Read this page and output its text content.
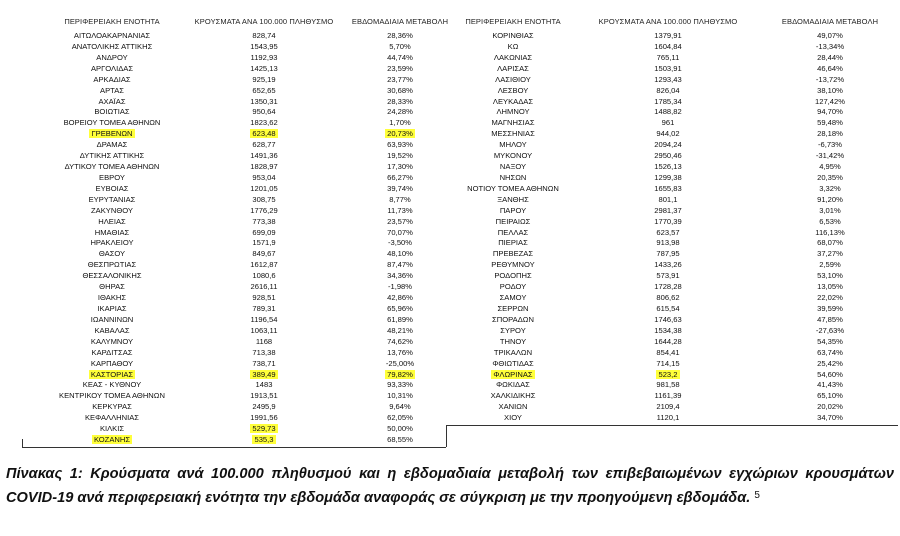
ΠΕΡΙΦΕΡΕΙΑΚΗ ΕΝΟΤΗΤΑ	ΚΡΟΥΣΜΑΤΑ ΑΝΑ 100.000 ΠΛΗΘΥΣΜΟ	ΕΒΔΟΜΑΔΙΑΙΑ ΜΕΤΑΒΟΛΗ	ΠΕΡΙΦΕΡΕΙΑΚΗ ΕΝΟΤΗΤΑ	ΚΡΟΥΣΜΑΤΑ ΑΝΑ 100.000 ΠΛΗΘΥΣΜΟ	ΕΒΔΟΜΑΔΙΑΙΑ ΜΕΤΑΒΟΛΗ
ΑΙΤΩΛΟΑΚΑΡΝΑΝΙΑΣ	828,74	28,36%
ΑΝΑΤΟΛΙΚΗΣ ΑΤΤΙΚΗΣ	1543,95	5,70%
ΑΝΔΡΟΥ	1192,93	44,74%
ΑΡΓΟΛΙΔΑΣ	1425,13	23,59%
ΑΡΚΑΔΙΑΣ	925,19	23,77%
ΑΡΤΑΣ	652,65	30,68%
ΑΧΑΪΑΣ	1350,31	28,33%
ΒΟΙΩΤΙΑΣ	950,64	24,28%
ΒΟΡΕΙΟΥ ΤΟΜΕΑ ΑΘΗΝΩΝ	1823,62	1,70%
ΓΡΕΒΕΝΩΝ	623,48	20,73%
ΔΡΑΜΑΣ	628,77	63,93%
ΔΥΤΙΚΗΣ ΑΤΤΙΚΗΣ	1491,36	19,52%
ΔΥΤΙΚΟΥ ΤΟΜΕΑ ΑΘΗΝΩΝ	1828,97	17,30%
ΕΒΡΟΥ	953,04	66,27%
ΕΥΒΟΙΑΣ	1201,05	39,74%
ΕΥΡΥΤΑΝΙΑΣ	308,75	8,77%
ΖΑΚΥΝΘΟΥ	1776,29	11,73%
ΗΛΕΙΑΣ	773,38	23,57%
ΗΜΑΘΙΑΣ	699,09	70,07%
ΗΡΑΚΛΕΙΟΥ	1571,9	-3,50%
ΘΑΣΟΥ	849,67	48,10%
ΘΕΣΠΡΩΤΙΑΣ	1612,87	87,47%
ΘΕΣΣΑΛΟΝΙΚΗΣ	1080,6	34,36%
ΘΗΡΑΣ	2616,11	-1,98%
ΙΘΑΚΗΣ	928,51	42,86%
ΙΚΑΡΙΑΣ	789,31	65,96%
ΙΩΑΝΝΙΝΩΝ	1196,54	61,89%
ΚΑΒΑΛΑΣ	1063,11	48,21%
ΚΑΛΥΜΝΟΥ	1168	74,62%
ΚΑΡΔΙΤΣΑΣ	713,38	13,76%
ΚΑΡΠΑΘΟΥ	738,71	-25,00%
ΚΑΣΤΟΡΙΑΣ	389,49	79,82%
ΚΕΑΣ - ΚΥΘΝΟΥ	1483	93,33%
ΚΕΝΤΡΙΚΟΥ ΤΟΜΕΑ ΑΘΗΝΩΝ	1913,51	10,31%
ΚΕΡΚΥΡΑΣ	2495,9	9,64%
ΚΕΦΑΛΛΗΝΙΑΣ	1991,56	62,05%
ΚΙΛΚΙΣ	529,73	50,00%
ΚΟΖΑΝΗΣ	535,3	68,55%
ΚΟΡΙΝΘΙΑΣ	1379,91	49,07%
ΚΩ	1604,84	-13,34%
ΛΑΚΩΝΙΑΣ	765,11	28,44%
ΛΑΡΙΣΑΣ	1503,91	46,64%
ΛΑΣΙΘΙΟΥ	1293,43	-13,72%
ΛΕΣΒΟΥ	826,04	38,10%
ΛΕΥΚΑΔΑΣ	1785,34	127,42%
ΛΗΜΝΟΥ	1488,82	94,70%
ΜΑΓΝΗΣΙΑΣ	961	59,48%
ΜΕΣΣΗΝΙΑΣ	944,02	28,18%
ΜΗΛΟΥ	2094,24	-6,73%
ΜΥΚΟΝΟΥ	2950,46	-31,42%
ΝΑΞΟΥ	1526,13	4,95%
ΝΗΣΩΝ	1299,38	20,35%
ΝΟΤΙΟΥ ΤΟΜΕΑ ΑΘΗΝΩΝ	1655,83	3,32%
ΞΑΝΘΗΣ	801,1	91,20%
ΠΑΡΟΥ	2981,37	3,01%
ΠΕΙΡΑΙΩΣ	1770,39	6,53%
ΠΕΛΛΑΣ	623,57	116,13%
ΠΙΕΡΙΑΣ	913,98	68,07%
ΠΡΕΒΕΖΑΣ	787,95	37,27%
ΡΕΘΥΜΝΟΥ	1433,26	2,59%
ΡΟΔΟΠΗΣ	573,91	53,10%
ΡΟΔΟΥ	1728,28	13,05%
ΣΑΜΟΥ	806,62	22,02%
ΣΕΡΡΩΝ	615,54	39,59%
ΣΠΟΡΑΔΩΝ	1746,63	47,85%
ΣΥΡΟΥ	1534,38	-27,63%
ΤΗΝΟΥ	1644,28	54,35%
ΤΡΙΚΑΛΩΝ	854,41	63,74%
ΦΘΙΩΤΙΔΑΣ	714,15	25,42%
ΦΛΩΡΙΝΑΣ	523,2	54,60%
ΦΩΚΙΔΑΣ	981,58	41,43%
ΧΑΛΚΙΔΙΚΗΣ	1161,39	65,10%
ΧΑΝΙΩΝ	2109,4	20,02%
ΧΙΟΥ	1120,1	34,70%
Πίνακας 1: Κρούσματα ανά 100.000 πληθυσμού και η εβδομαδιαία μεταβολή των επιβεβαιωμένων εγχώριων κρουσμάτων COVID-19 ανά περιφερειακή ενότητα την εβδομάδα αναφοράς σε σύγκριση με την προηγούμενη εβδομάδα. $^5$
